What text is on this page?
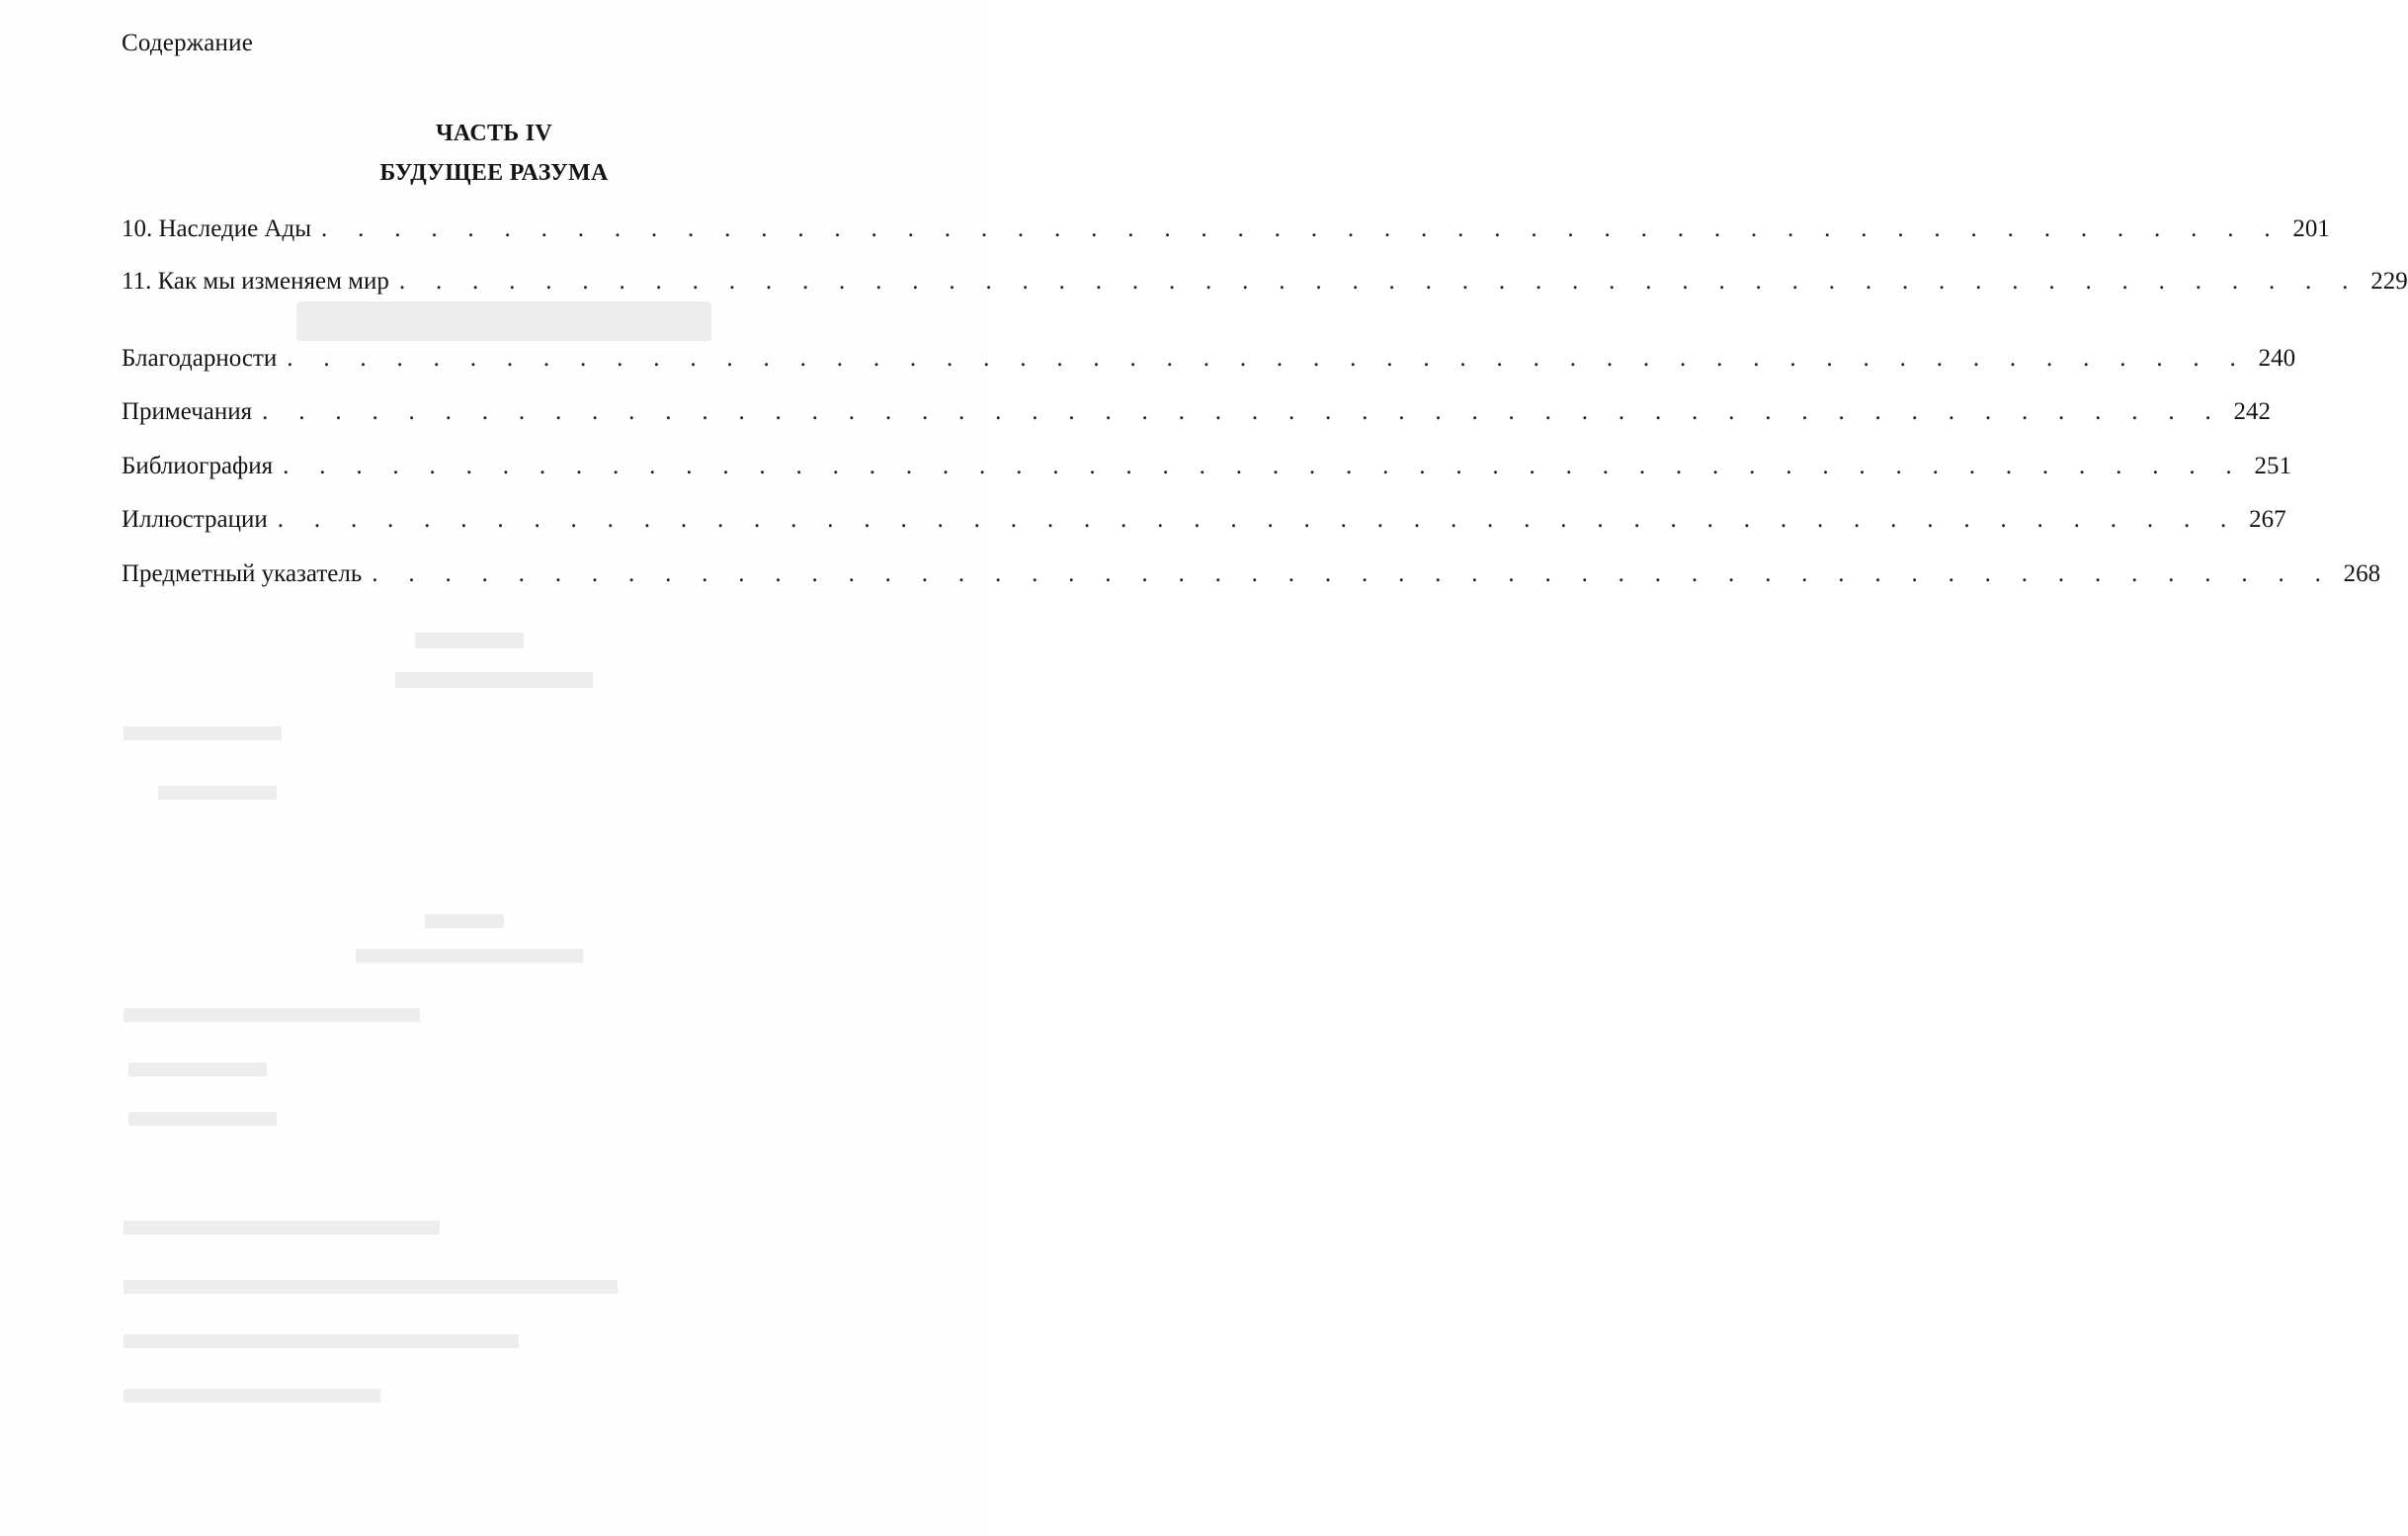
Содержание
ЧАСТЬ IV
БУДУЩЕЕ РАЗУМА
10. Наследие Ады . . . . . . . . . . . . . . . . . . . . . . . . . . . . . . . . . . . . . . . . . . . . . . . . . . . . . . 201
11. Как мы изменяем мир . . . . . . . . . . . . . . . . . . . . . . . . . . . . . . . . . . . . . . . . . . . . . . . . . . . . . . 229
Благодарности . . . . . . . . . . . . . . . . . . . . . . . . . . . . . . . . . . . . . . . . . . . . . . . . . . . . . . 240
Примечания . . . . . . . . . . . . . . . . . . . . . . . . . . . . . . . . . . . . . . . . . . . . . . . . . . . . . . 242
Библиография . . . . . . . . . . . . . . . . . . . . . . . . . . . . . . . . . . . . . . . . . . . . . . . . . . . . . . 251
Иллюстрации . . . . . . . . . . . . . . . . . . . . . . . . . . . . . . . . . . . . . . . . . . . . . . . . . . . . . . 267
Предметный указатель . . . . . . . . . . . . . . . . . . . . . . . . . . . . . . . . . . . . . . . . . . . . . . . . . . . . . . 268
